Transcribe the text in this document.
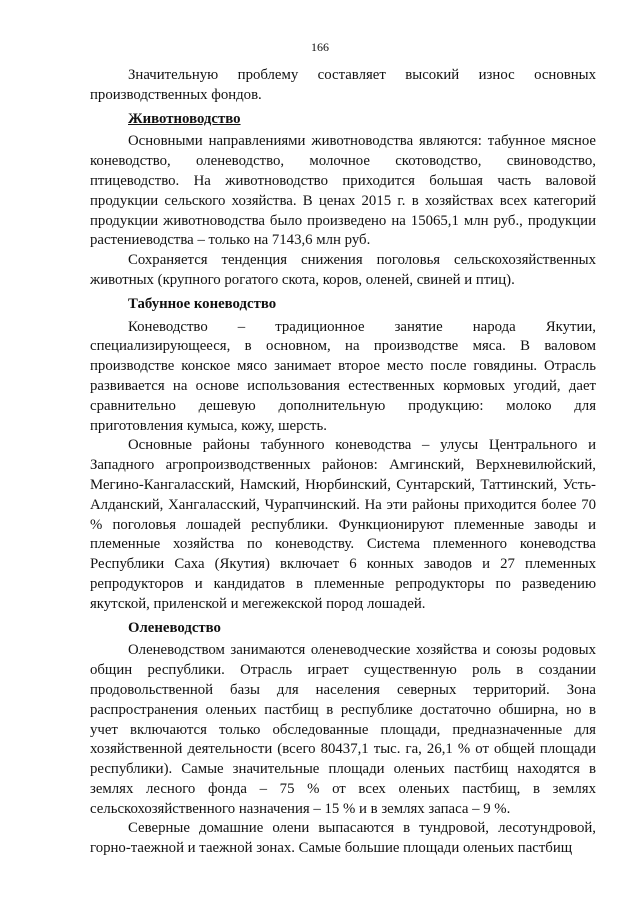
166

Значительную проблему составляет высокий износ основных производственных фондов.

Животноводство

Основными направлениями животноводства являются: табунное мясное коневодство, оленеводство, молочное скотоводство, свиноводство, птицеводство. На животноводство приходится большая часть валовой продукции сельского хозяйства. В ценах 2015 г. в хозяйствах всех категорий продукции животноводства было произведено на 15065,1 млн руб., продукции растениеводства – только на 7143,6 млн руб.

Сохраняется тенденция снижения поголовья сельскохозяйственных животных (крупного рогатого скота, коров, оленей, свиней и птиц).

Табунное коневодство

Коневодство – традиционное занятие народа Якутии, специализирующееся, в основном, на производстве мяса. В валовом производстве конское мясо занимает второе место после говядины. Отрасль развивается на основе использования естественных кормовых угодий, дает сравнительно дешевую дополнительную продукцию: молоко для приготовления кумыса, кожу, шерсть.

Основные районы табунного коневодства – улусы Центрального и Западного агропроизводственных районов: Амгинский, Верхневилюйский, Мегино-Кангаласский, Намский, Нюрбинский, Сунтарский, Таттинский, Усть-Алданский, Хангаласский, Чурапчинский. На эти районы приходится более 70 % поголовья лошадей республики. Функционируют племенные заводы и племенные хозяйства по коневодству. Система племенного коневодства Республики Саха (Якутия) включает 6 конных заводов и 27 племенных репродукторов и кандидатов в племенные репродукторы по разведению якутской, приленской и мегежекской пород лошадей.

Оленеводство

Оленеводством занимаются оленеводческие хозяйства и союзы родовых общин республики. Отрасль играет существенную роль в создании продовольственной базы для населения северных территорий. Зона распространения оленьих пастбищ в республике достаточно обширна, но в учет включаются только обследованные площади, предназначенные для хозяйственной деятельности (всего 80437,1 тыс. га, 26,1 % от общей площади республики). Самые значительные площади оленьих пастбищ находятся в землях лесного фонда – 75 % от всех оленьих пастбищ, в землях сельскохозяйственного назначения – 15 % и в землях запаса – 9 %.

Северные домашние олени выпасаются в тундровой, лесотундровой, горно-таежной и таежной зонах. Самые большие площади оленьих пастбищ
